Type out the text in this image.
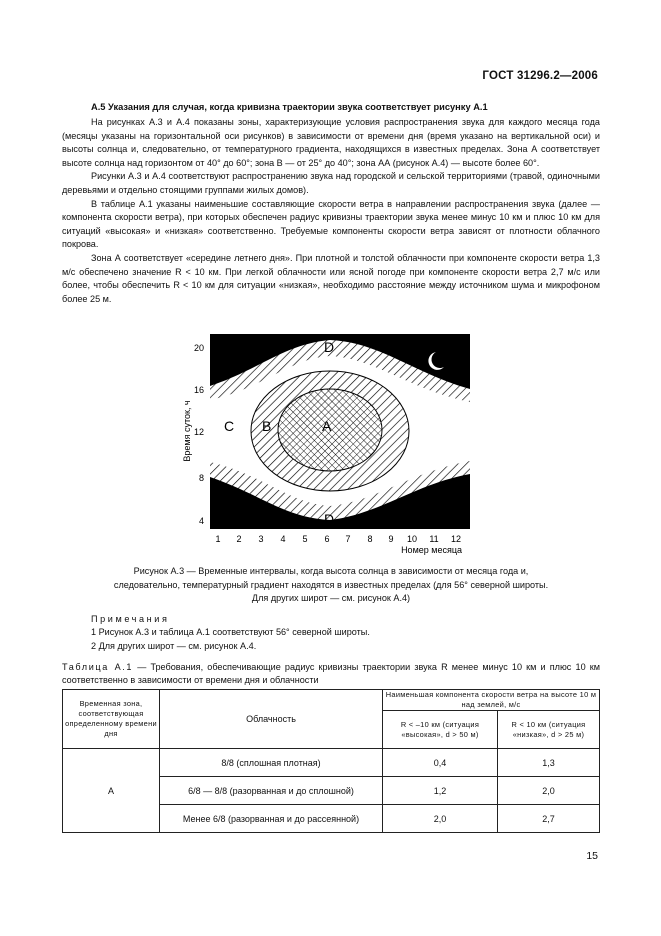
ГОСТ 31296.2—2006
A.5 Указания для случая, когда кривизна траектории звука соответствует рисунку А.1

На рисунках А.3 и А.4 показаны зоны, характеризующие условия распространения звука для каждого месяца года (месяцы указаны на горизонтальной оси рисунков) в зависимости от времени дня (время указано на вертикальной оси) и высоты солнца и, следовательно, от температурного градиента, находящихся в известных пределах. Зона А соответствует высоте солнца над горизонтом от 40° до 60°; зона В — от 25° до 40°; зона АА (рисунок А.4) — высоте более 60°.

Рисунки А.3 и А.4 соответствуют распространению звука над городской и сельской территориями (травой, одиночными деревьями и отдельно стоящими группами жилых домов).

В таблице А.1 указаны наименьшие составляющие скорости ветра в направлении распространения звука (далее — компонента скорости ветра), при которых обеспечен радиус кривизны траектории звука менее минус 10 км и плюс 10 км для ситуаций «высокая» и «низкая» соответственно. Требуемые компоненты скорости ветра зависят от плотности облачного покрова.

Зона А соответствует «середине летнего дня». При плотной и толстой облачности при компоненте скорости ветра 1,3 м/с обеспечено значение R < 10 км. При легкой облачности или ясной погоде при компоненте скорости ветра 2,7 м/с или более, чтобы обеспечить R < 10 км для ситуации «низкая», необходимо расстояние между источником шума и микрофоном более 25 м.

C B	A
D
D
20
16
12
8
4
Время суток, ч
1 2 3 4 5 6 7 8 9 10 11 12
Номер месяца
Рисунок А.3 — Временные интервалы, когда высота солнца в зависимости от месяца года и,
следовательно, температурный градиент находятся в известных пределах (для 56° северной широты.
Для других широт — см. рисунок А.4)
Примечания
1 Рисунок А.3 и таблица А.1 соответствуют 56° северной широты.
2 Для других широт — см. рисунок А.4.
Таблица А.1 — Требования, обеспечивающие радиус кривизны траектории звука R менее минус 10 км и плюс 10 км соответственно в зависимости от времени дня и облачности
Временная зона, соответствующая определенному времени дня	Облачность	Наименьшая компонента скорости ветра на высоте 10 м над землей, м/с	
		R < –10 км (ситуация «высокая», d > 50 м)	R < 10 км (ситуация «низкая», d > 25 м)
А	8/8 (сплошная плотная)	0,4	1,3
	6/8 — 8/8 (разорванная и до сплошной)	1,2	2,0
	Менее 6/8 (разорванная и до рассеянной)	2,0	2,7
15
